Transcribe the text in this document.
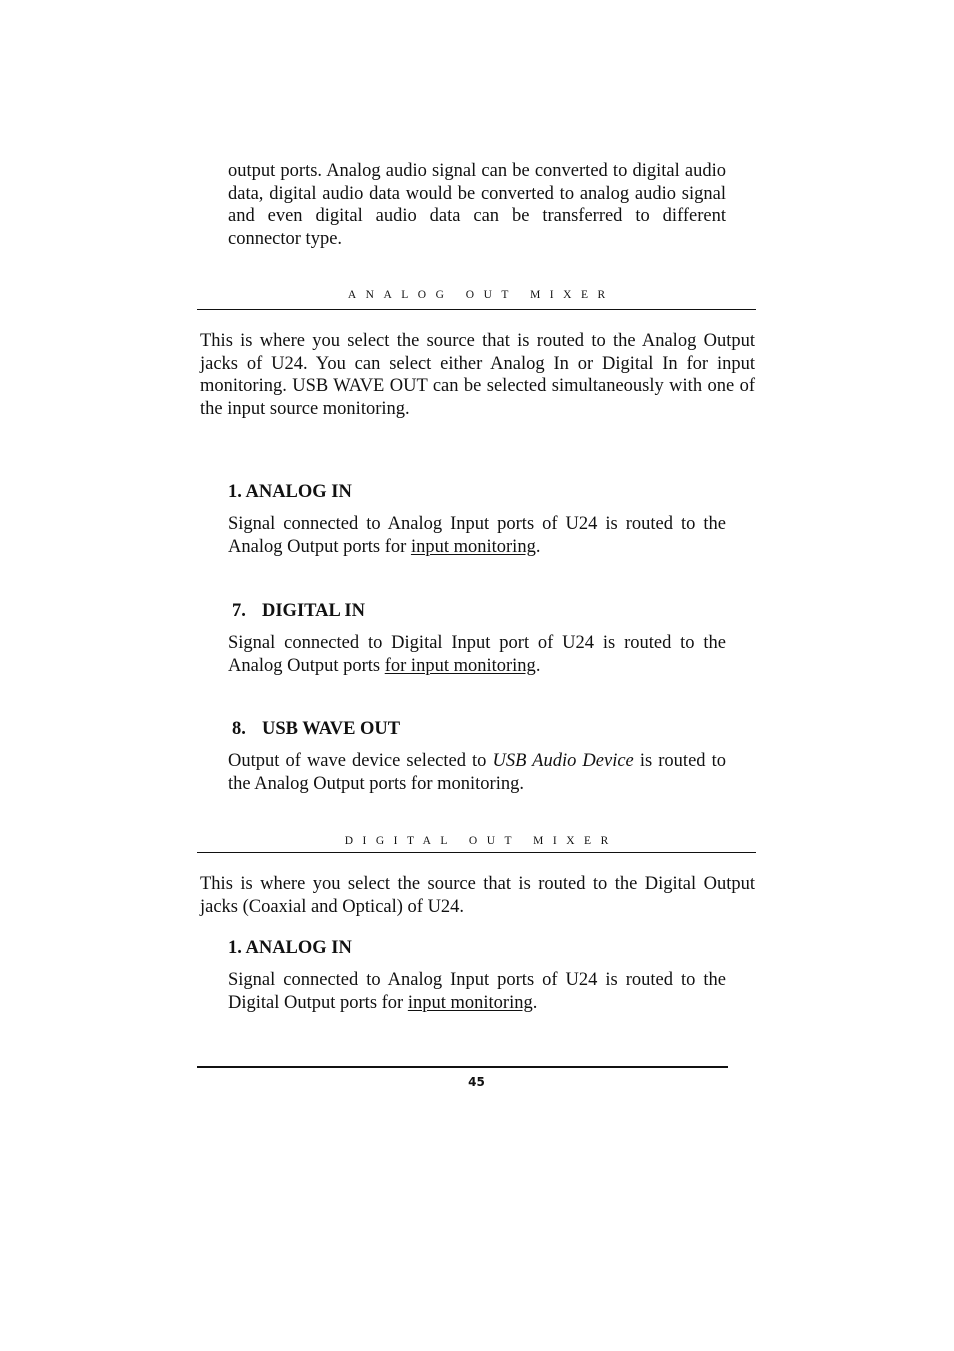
output ports. Analog audio signal can be converted to digital audio data, digital audio data would be converted to analog audio signal and even digital audio data can be transferred to different connector type.

ANALOG OUT MIXER

This is where you select the source that is routed to the Analog Output jacks of U24. You can select either Analog In or Digital In for input monitoring. USB WAVE OUT can be selected simultaneously with one of the input source monitoring.

1. ANALOG IN

Signal connected to Analog Input ports of U24 is routed to the Analog Output ports for input monitoring.

7. DIGITAL IN

Signal connected to Digital Input port of U24 is routed to the Analog Output ports for input monitoring.

8. USB WAVE OUT

Output of wave device selected to USB Audio Device is routed to the Analog Output ports for monitoring.

DIGITAL OUT MIXER

This is where you select the source that is routed to the Digital Output jacks (Coaxial and Optical) of U24.

1. ANALOG IN

Signal connected to Analog Input ports of U24 is routed to the Digital Output ports for input monitoring.

45
